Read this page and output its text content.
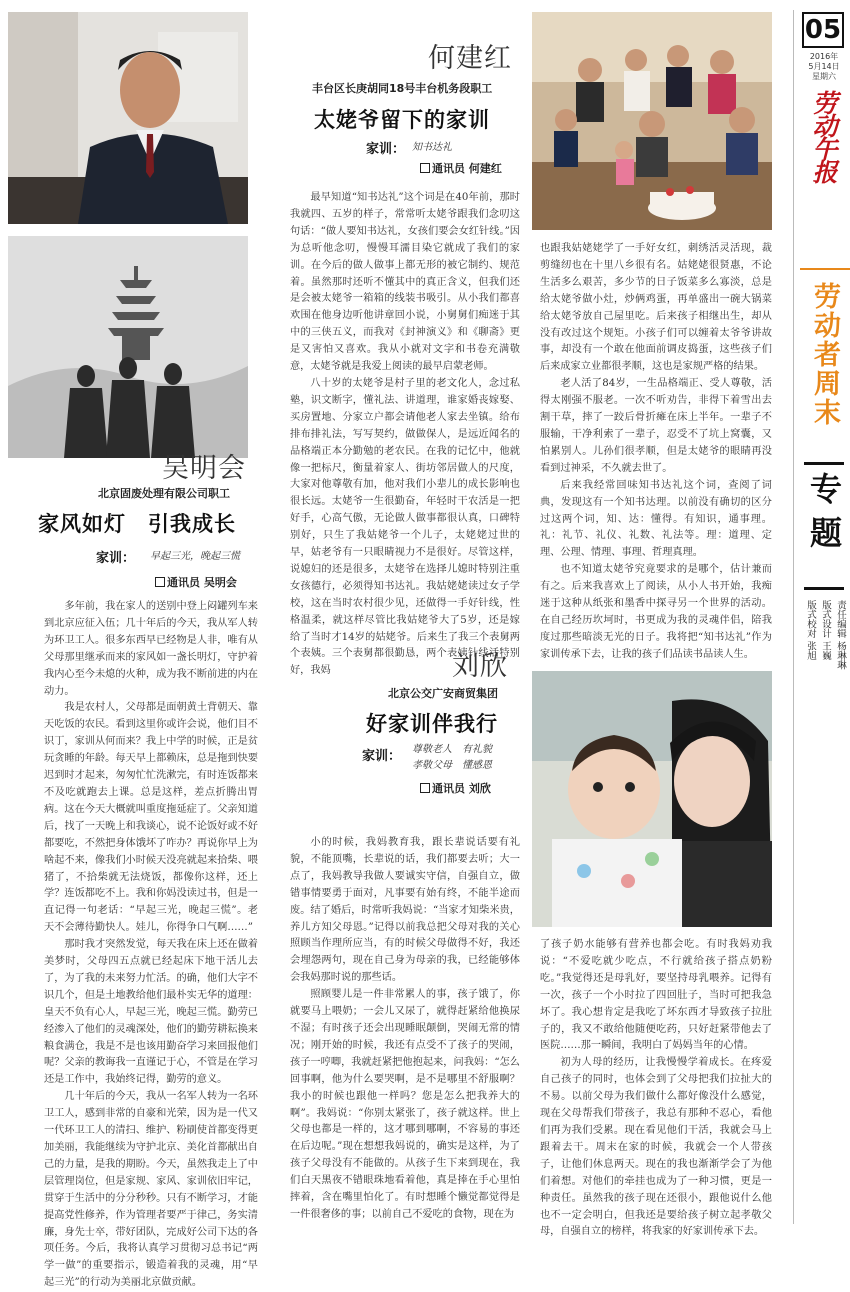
05
2016年
5月14日
星期六
劳动午报
劳动者周末
专题
责任编辑 杨琳琳
版式设计 王巍
版式校对 张旭
吴明会
北京固废处理有限公司职工
家风如灯　引我成长
家训： 早起三光，晚起三慌
通讯员 吴明会

多年前，我在家人的送别中登上闷罐列车来到北京应征入伍；几十年后的今天，我从军人转为环卫工人。很多东西早已经物是人非，唯有从父母那里继承而来的家风如一盏长明灯，守护着我内心至今未熄的火种，成为我不断前进的内在动力。

我是农村人，父母都是面朝黄土背朝天、靠天吃饭的农民。看到这里你或许会说，他们目不识丁，家训从何而来？我上中学的时候，正是贫玩贪睡的年龄。每天早上都赖床，总是拖到快要迟到时才起来，匆匆忙忙洗漱完，有时连饭都来不及吃就跑去上课。总是这样，差点折腾出胃病。这在今天大概就叫重度拖延症了。父亲知道后，找了一天晚上和我谈心，说不论饭好或不好都要吃，不然把身体饿坏了咋办？再说你早上为啥起不来，像我们小时候天没亮就起来拾柴、喂猪了，不拾柴就无法烧饭，都像你这样，还上学？连饭都吃不上。我和你妈没读过书，但是一直记得一句老话：“早起三光，晚起三慌”。老天不会薄待勤快人。娃儿，你得争口气啊……”

那时我才突然发觉，每天我在床上还在做着美梦时，父母四五点就已经起床下地干活儿去了，为了我的未来努力忙活。的确，他们大字不识几个，但是土地教给他们最朴实无华的道理：皇天不负有心人，早起三光，晚起三慌。勤劳已经渗入了他们的灵魂深处，他们的勤劳耕耘换来粮食满仓，我是不是也该用勤奋学习来回报他们呢？父亲的教诲我一直谨记于心，不管是在学习还是工作中，我始终记得，勤劳的意义。

几十年后的今天，我从一名军人转为一名环卫工人，感到非常的自豪和光荣，因为是一代又一代环卫工人的清扫、维护、粉刷使首都变得更加美丽，我能继续为守护北京、美化首都献出自己的力量，是我的期盼。今天，虽然我走上了中层管理岗位，但是家规、家风、家训依旧牢记，贯穿于生活中的分分秒秒。只有不断学习，才能提高党性修养，作为管理者要严于律己，务实清廉，身先士卒，带好团队，完成好公司下达的各项任务。今后，我将认真学习贯彻习总书记“两学一做”的重要指示，锻造着我的灵魂，用“早起三光”的行动为美丽北京做贡献。

何建红
丰台区长庚胡同18号丰台机务段职工
太姥爷留下的家训
家训： 知书达礼
通讯员 何建红

最早知道“知书达礼”这个词是在40年前，那时我就四、五岁的样子，常常听太姥爷跟我们念叨这句话：“做人要知书达礼，女孩们要会女红针线。”因为总听他念叨，慢慢耳濡目染它就成了我们的家训。在今后的做人做事上都无形的被它制约、规范着。虽然那时还听不懂其中的真正含义，但我们还是会被太姥爷一箱箱的线装书吸引。从小我们都喜欢围在他身边听他讲章回小说，小舅舅们痴迷于其中的三侠五义，而我对《封神演义》和《聊斋》更是又害怕又喜欢。我从小就对文字和书卷充满敬意，太姥爷就是我爱上阅读的最早启蒙老师。

八十岁的太姥爷是村子里的老文化人，念过私塾，识文断字，懂礼法、讲道理，谁家婚丧嫁娶、买房置地、分家立户都会请他老人家去坐镇。给布排布排礼法，写写契约，做做保人，是远近闻名的品格端正本分勤勉的老农民。在我的记忆中，他就像一把标尺，衡量着家人、街坊邻居做人的尺度，大家对他尊敬有加，他对我们小辈儿的成长影响也很长远。太姥爷一生很勤奋，年轻时干农活是一把好手，心高气傲，无论做人做事都很认真，口碑特别好，只生了我姑姥爷一个儿子，太姥姥过世的早，姑老爷有一只眼睛视力不是很好。尽管这样，说媳妇的还是很多，太姥爷在选择儿媳时特别注重女孩德行，必须得知书达礼。我姑姥姥读过女子学校，这在当时农村很少见，还做得一手好针线，性格温柔，就这样尽管比我姑姥爷大了5岁，还是嫁给了当时才14岁的姑姥爷。后来生了我三个表舅两个表姨。三个表舅都很勤恳，两个表姨针线活特别好，我妈

也跟我姑姥姥学了一手好女红，刺绣活灵活现，裁剪缝纫也在十里八乡很有名。姑姥姥很贤惠，不论生活多么艰苦，多少节的日子饭菜多么寡淡，总是给太姥爷做小灶，炒俩鸡蛋，再单盛出一碗大锅菜给太姥爷放自己屋里吃。后来孩子相继出生，却从没有改过这个规矩。小孩子们可以缠着太爷爷讲故事，却没有一个敢在他面前调皮捣蛋，这些孩子们后来成家立业都很孝顺，这也是家规严格的结果。

老人活了84岁，一生品格端正、受人尊敬，活得太刚强不服老。一次不听劝告，非得下着雪出去割干草，摔了一跤后骨折瘫在床上半年。一辈子不服输，干净利索了一辈子，忍受不了坑上窝囊，又怕累别人。儿孙们很孝顺，但是太姥爷的眼睛再没看到过神采，不久就去世了。

后来我经常回味知书达礼这个词，查阅了词典，发现这有一个知书达理。以前没有确切的区分过这两个词，知、达：懂得。有知识，通事理。礼：礼节、礼仪、礼数、礼法等。理：道理、定理、公理、情理、事理、哲理真理。

也不知道太姥爷究竟要求的是哪个，估计兼而有之。后来我喜欢上了阅读，从小人书开始，我痴迷于这种从纸张和墨香中探寻另一个世界的活动。在自己经历坎坷时，书更成为我的灵魂伴侣，陪我度过那些暗淡无光的日子。我将把“知书达礼”作为家训传承下去，让我的孩子们品读书品读人生。

刘欣
北京公交广安商贸集团
好家训伴我行
家训： 尊敬老人　有礼貌
孝敬父母　懂感恩
通讯员 刘欣

小的时候，我妈教育我，跟长辈说话要有礼貌，不能顶嘴，长辈说的话，我们都要去听；大一点了，我妈教导我做人要诚实守信，自强自立，做错事情要勇于面对，凡事要有始有终，不能半途而废。结了婚后，时常听我妈说：“当家才知柴米贵，养儿方知父母恩。”记得以前我总把父母对我的关心照顾当作理所应当，有的时候父母做得不好，我还会埋怨两句，现在自己身为母亲的我，已经能够体会我妈那时说的那些话。

照顾婴儿是一件非常累人的事，孩子饿了，你就要马上喂奶；一会儿又尿了，就得赶紧给他换尿不湿；有时孩子还会出现睡眠颠倒，哭闹无常的情况；刚开始的时候，我还有点受不了孩子的哭闹，孩子一哼唧，我就赶紧把他抱起来，问我妈：“怎么回事啊，他为什么要哭啊，是不是哪里不舒服啊？我小的时候也跟他一样吗？您是怎么把我养大的啊”。我妈说：“你别太紧张了，孩子就这样。世上父母也都是一样的，这才哪到哪啊，不容易的事还在后边呢。”现在想想我妈说的，确实是这样，为了孩子父母没有不能做的。从孩子生下来到现在，我们白天黑夜不错眼珠地看着他，真是捧在手心里怕摔着，含在嘴里怕化了。有时想睡个懒觉都觉得是一件很奢侈的事；以前自己不爱吃的食物，现在为

了孩子奶水能够有营养也都会吃。有时我妈劝我说：“不爱吃就少吃点，不行就给孩子搭点奶粉吃。”我觉得还是母乳好，要坚持母乳喂养。记得有一次，孩子一个小时拉了四回肚子，当时可把我急坏了。我心想肯定是我吃了坏东西才导致孩子拉肚子的，我又不敢给他随便吃药，只好赶紧带他去了医院……那一瞬间，我明白了妈妈当年的心情。

初为人母的经历，让我慢慢学着成长。在疼爱自己孩子的同时，也体会到了父母把我们拉扯大的不易。以前父母为我们做什么都好像没什么感觉，现在父母帮我们带孩子，我总有那种不忍心，看他们再为我们受累。现在看见他们干活，我就会马上跟着去干。周末在家的时候，我就会一个人带孩子，让他们休息两天。现在的我也渐渐学会了为他们着想。对他们的牵挂也成为了一种习惯，更是一种责任。虽然我的孩子现在还很小，跟他说什么他也不一定会明白，但我还是要给孩子树立起孝敬父母，自强自立的榜样，将我家的好家训传承下去。
